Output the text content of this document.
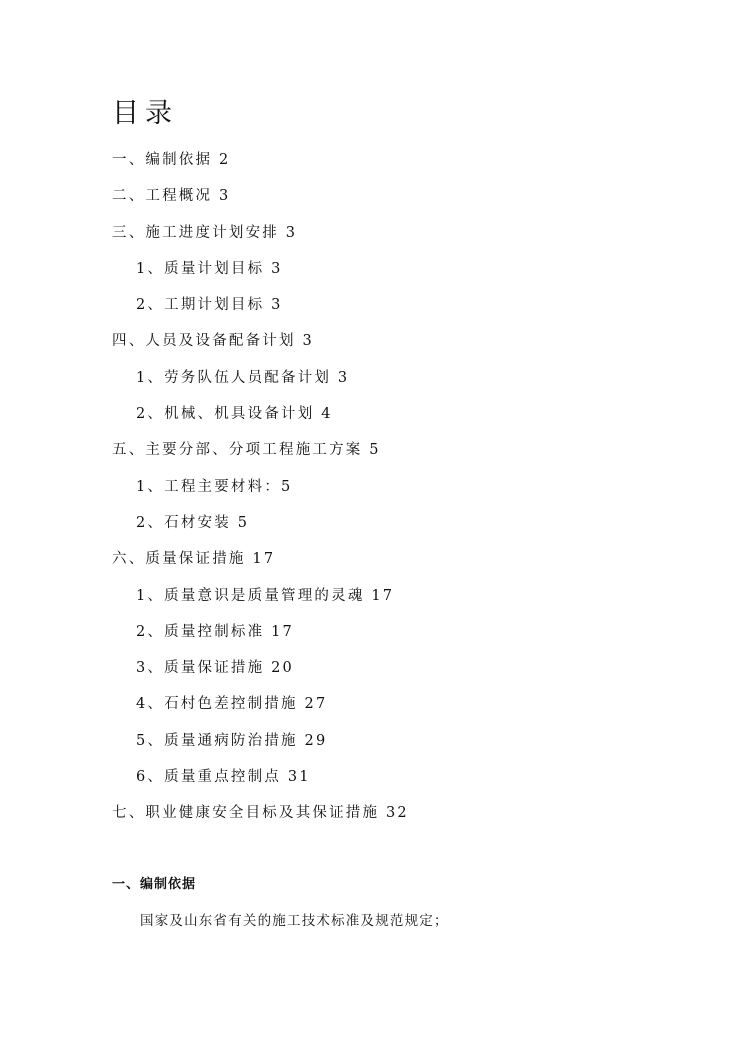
目录
一、编制依据 2
二、工程概况 3
三、施工进度计划安排 3
1、质量计划目标 3
2、工期计划目标 3
四、人员及设备配备计划 3
1、劳务队伍人员配备计划 3
2、机械、机具设备计划 4
五、主要分部、分项工程施工方案 5
1、工程主要材料：5
2、石材安装 5
六、质量保证措施 17
1、质量意识是质量管理的灵魂 17
2、质量控制标准 17
3、质量保证措施 20
4、石村色差控制措施 27
5、质量通病防治措施 29
6、质量重点控制点 31
七、职业健康安全目标及其保证措施 32
一、编制依据

国家及山东省有关的施工技术标准及规范规定；
